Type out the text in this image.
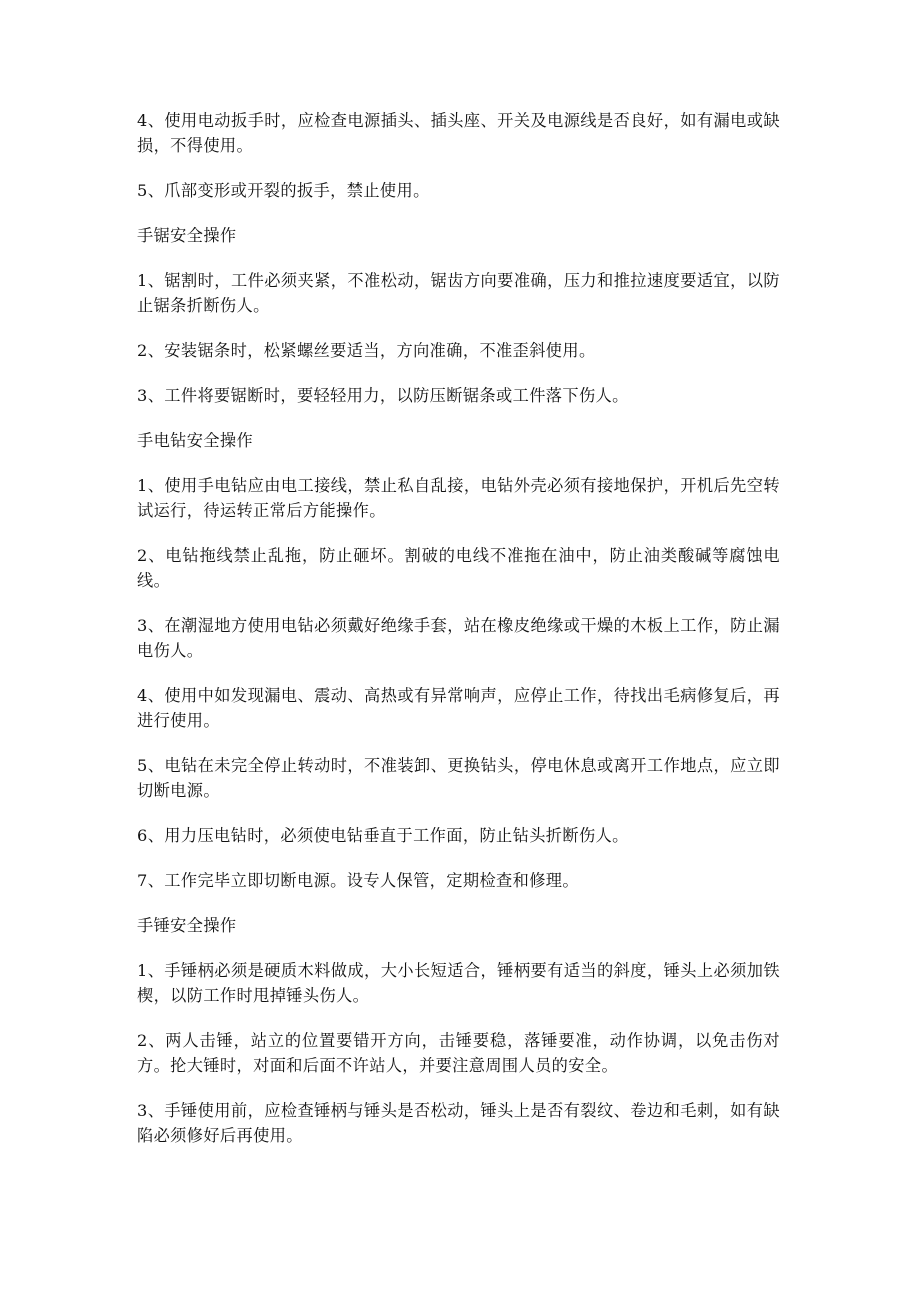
4、使用电动扳手时，应检查电源插头、插头座、开关及电源线是否良好，如有漏电或缺损，不得使用。

5、爪部变形或开裂的扳手，禁止使用。

手锯安全操作

1、锯割时，工件必须夹紧，不准松动，锯齿方向要准确，压力和推拉速度要适宜，以防止锯条折断伤人。

2、安装锯条时，松紧螺丝要适当，方向准确，不准歪斜使用。

3、工件将要锯断时，要轻轻用力，以防压断锯条或工件落下伤人。

手电钻安全操作

1、使用手电钻应由电工接线，禁止私自乱接，电钻外壳必须有接地保护，开机后先空转试运行，待运转正常后方能操作。

2、电钻拖线禁止乱拖，防止砸坏。割破的电线不准拖在油中，防止油类酸碱等腐蚀电线。

3、在潮湿地方使用电钻必须戴好绝缘手套，站在橡皮绝缘或干燥的木板上工作，防止漏电伤人。

4、使用中如发现漏电、震动、高热或有异常响声，应停止工作，待找出毛病修复后，再进行使用。

5、电钻在未完全停止转动时，不准装卸、更换钻头，停电休息或离开工作地点，应立即切断电源。

6、用力压电钻时，必须使电钻垂直于工作面，防止钻头折断伤人。

7、工作完毕立即切断电源。设专人保管，定期检查和修理。

手锤安全操作

1、手锤柄必须是硬质木料做成，大小长短适合，锤柄要有适当的斜度，锤头上必须加铁楔，以防工作时甩掉锤头伤人。

2、两人击锤，站立的位置要错开方向，击锤要稳，落锤要准，动作协调，以免击伤对方。抡大锤时，对面和后面不许站人，并要注意周围人员的安全。

3、手锤使用前，应检查锤柄与锤头是否松动，锤头上是否有裂纹、卷边和毛刺，如有缺陷必须修好后再使用。
